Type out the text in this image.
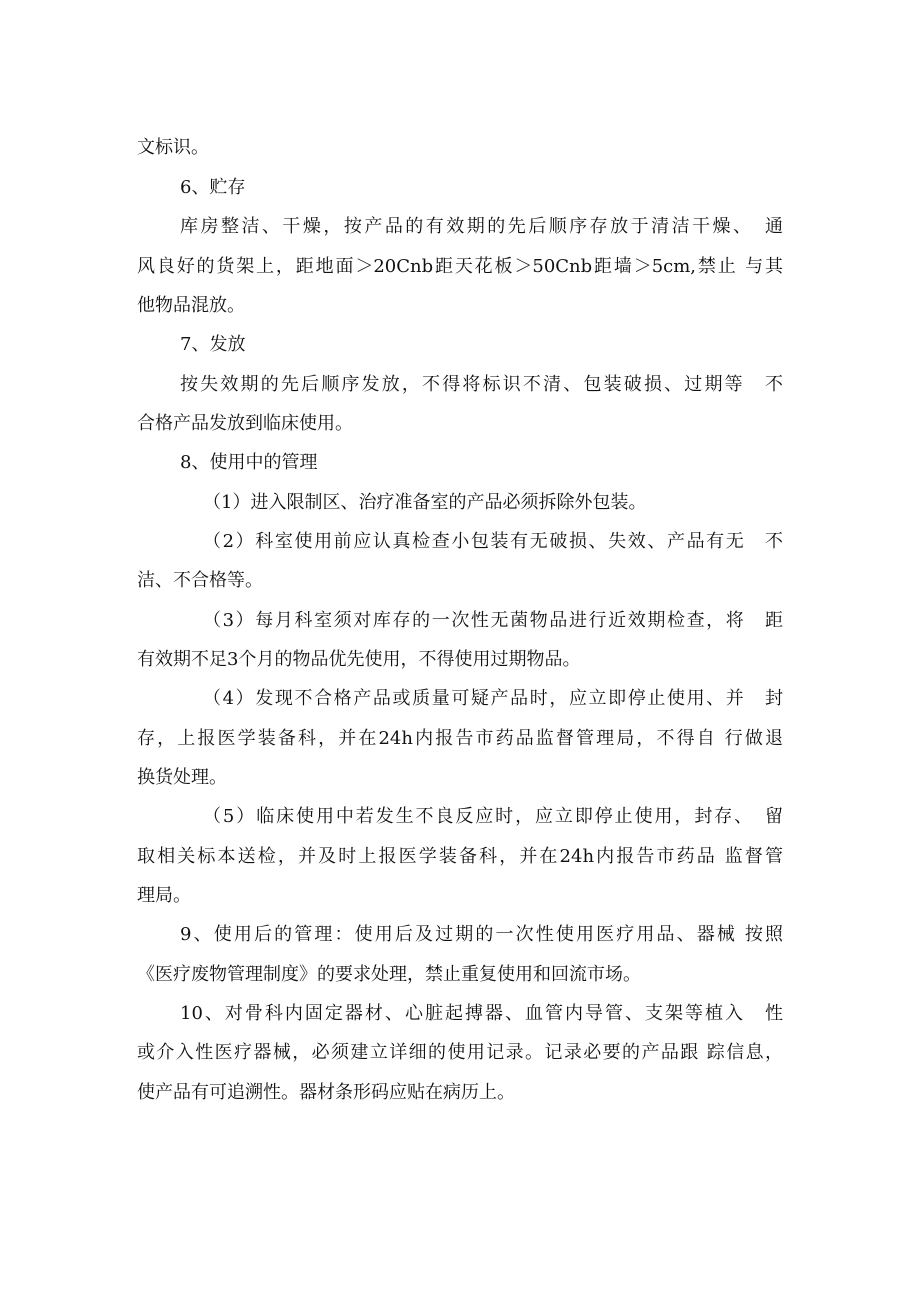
文标识。

6、贮存

库房整洁、干燥，按产品的有效期的先后顺序存放于清洁干燥、　通

风良好的货架上，距地面＞20Cnb距天花板＞50Cnb距墙＞5cm,禁止 与其

他物品混放。

7、发放

按失效期的先后顺序发放，不得将标识不清、包装破损、过期等　不

合格产品发放到临床使用。

8、使用中的管理

（1）进入限制区、治疗准备室的产品必须拆除外包装。

（2）科室使用前应认真检查小包装有无破损、失效、产品有无　不

洁、不合格等。

（3）每月科室须对库存的一次性无菌物品进行近效期检查，将　距

有效期不足3个月的物品优先使用，不得使用过期物品。

（4）发现不合格产品或质量可疑产品时，应立即停止使用、并　封

存，上报医学装备科，并在24h内报告市药品监督管理局，不得自 行做退

换货处理。

（5）临床使用中若发生不良反应时，应立即停止使用，封存、　留

取相关标本送检，并及时上报医学装备科，并在24h内报告市药品 监督管

理局。

9、使用后的管理：使用后及过期的一次性使用医疗用品、器械 按照

《医疗废物管理制度》的要求处理，禁止重复使用和回流市场。

10、对骨科内固定器材、心脏起搏器、血管内导管、支架等植入　性

或介入性医疗器械，必须建立详细的使用记录。记录必要的产品跟 踪信息，

使产品有可追溯性。器材条形码应贴在病历上。
